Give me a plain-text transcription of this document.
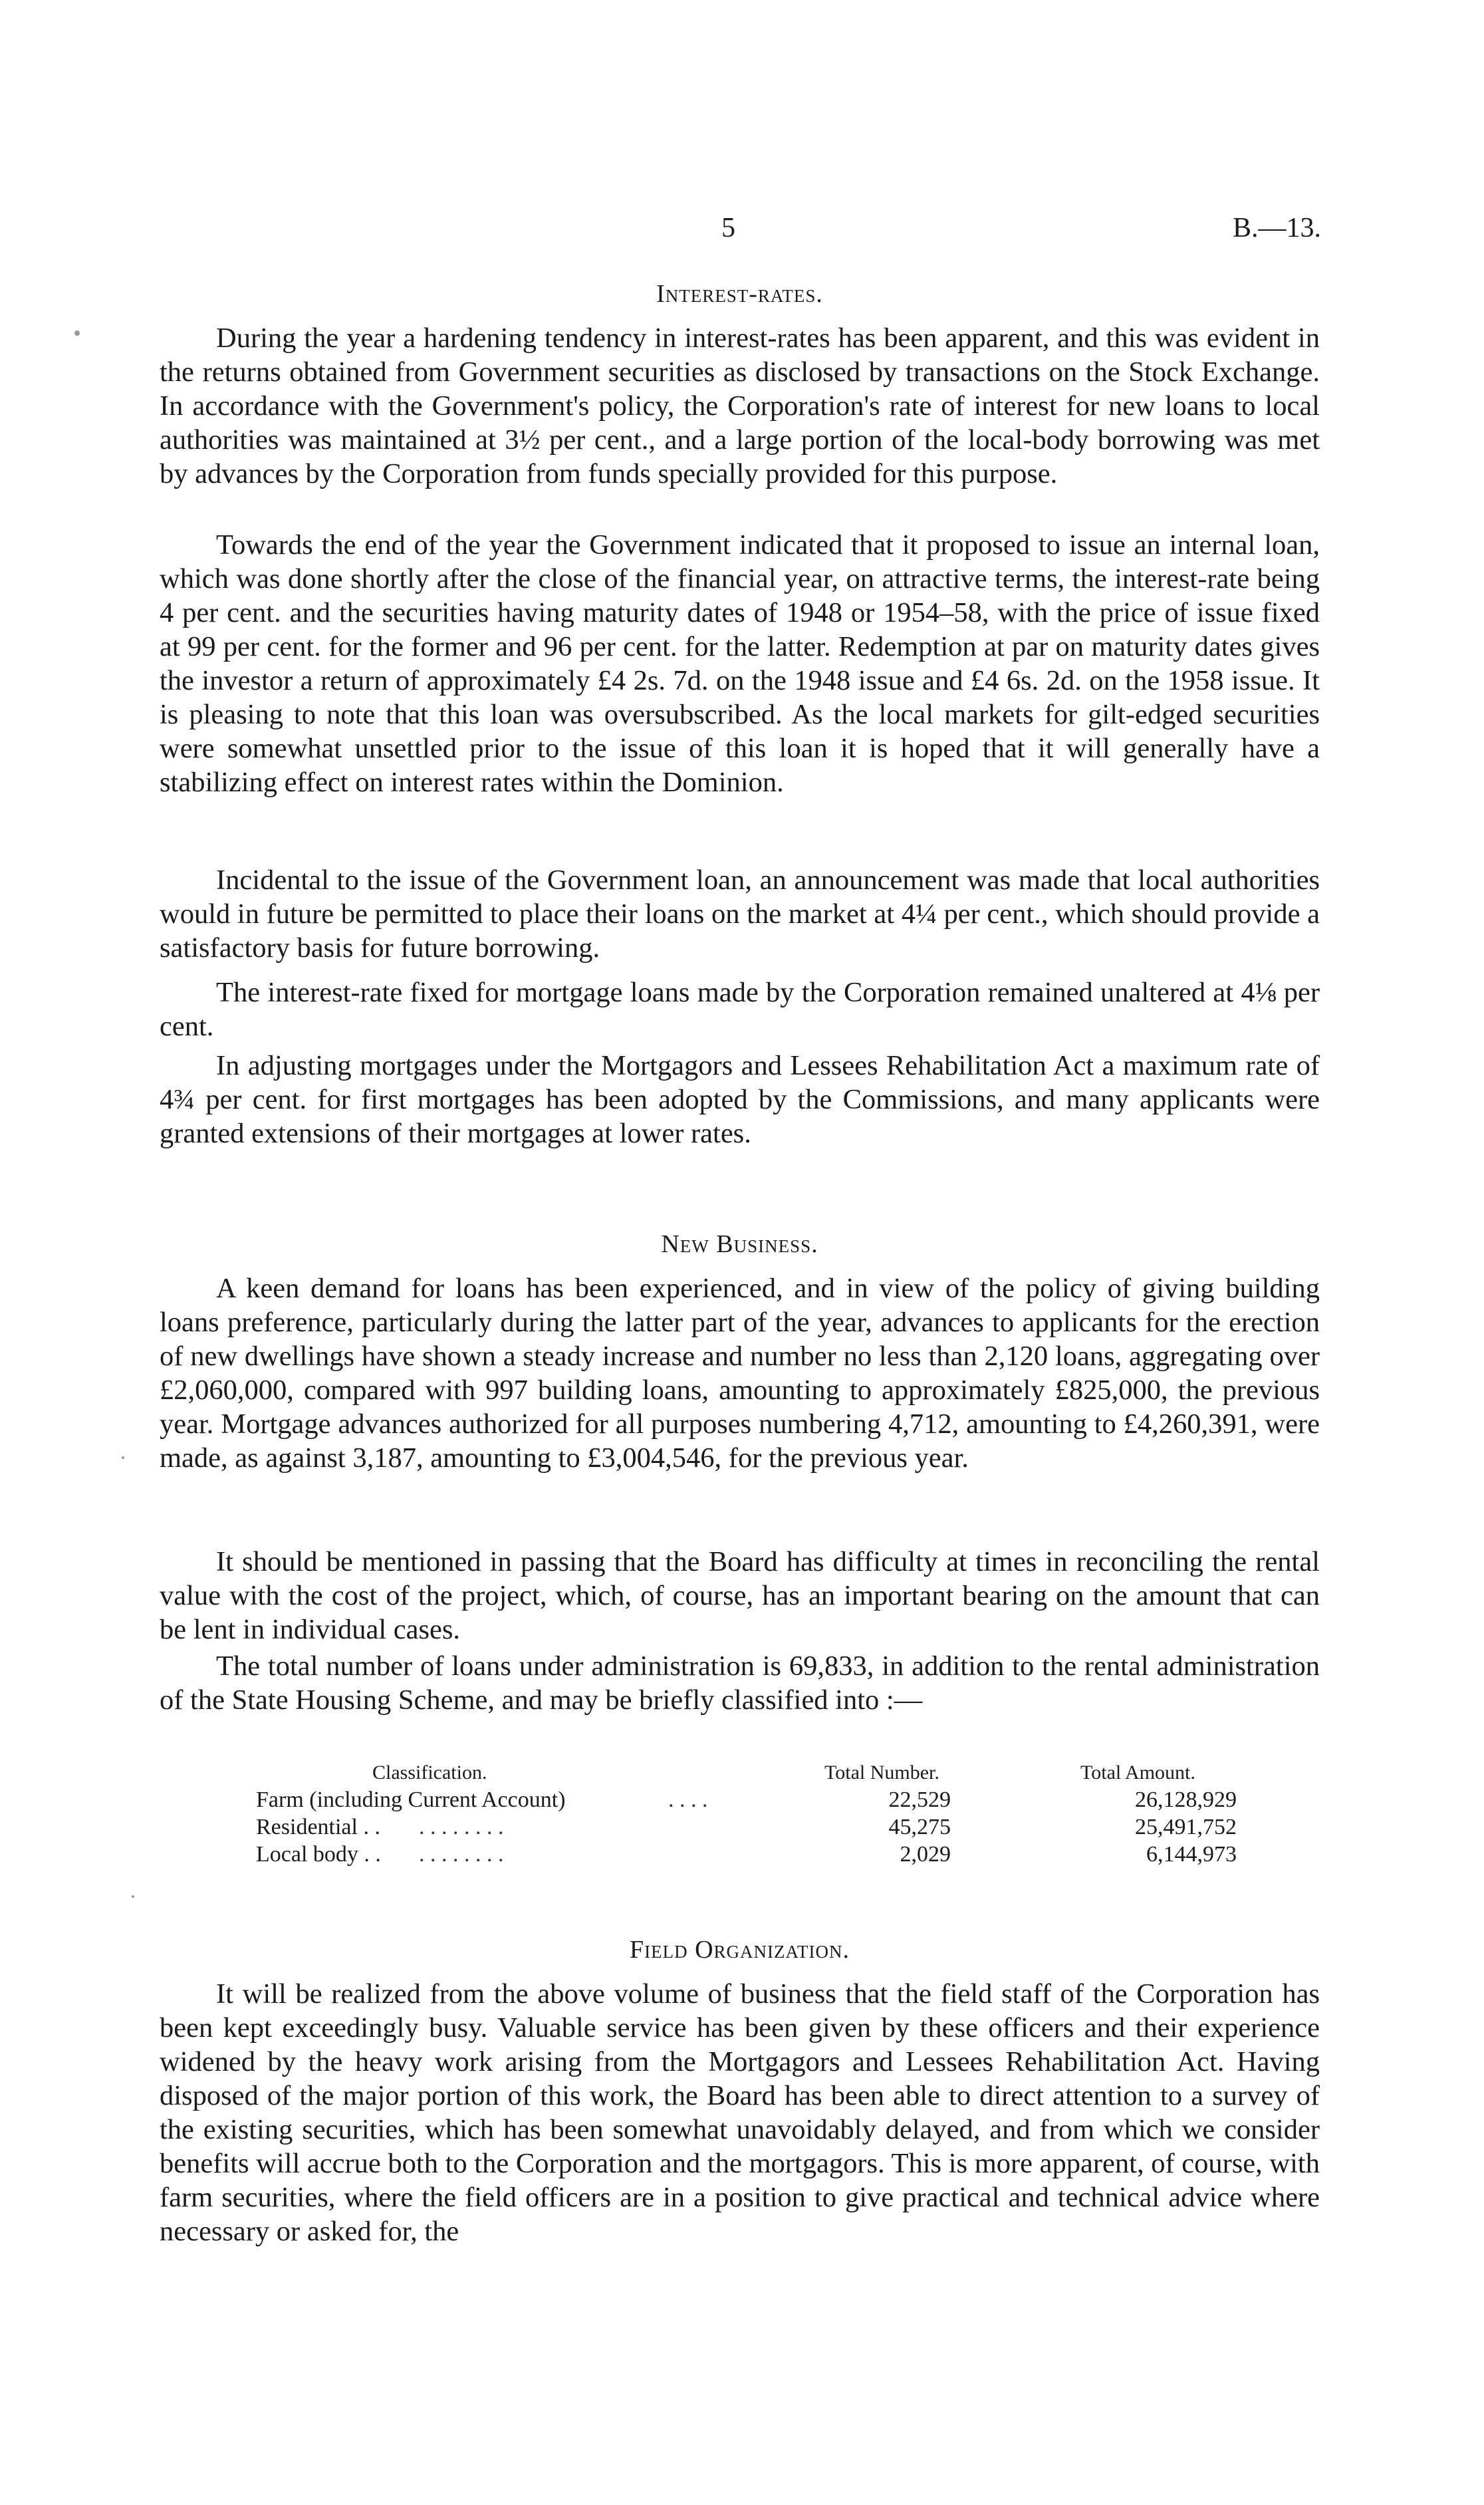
5	B.—13.
Interest-rates.

During the year a hardening tendency in interest-rates has been apparent, and this was evident in the returns obtained from Government securities as disclosed by transactions on the Stock Exchange. In accordance with the Government's policy, the Corporation's rate of interest for new loans to local authorities was maintained at 3½ per cent., and a large portion of the local-body borrowing was met by advances by the Corporation from funds specially provided for this purpose.

Towards the end of the year the Government indicated that it proposed to issue an internal loan, which was done shortly after the close of the financial year, on attractive terms, the interest-rate being 4 per cent. and the securities having maturity dates of 1948 or 1954–58, with the price of issue fixed at 99 per cent. for the former and 96 per cent. for the latter. Redemption at par on maturity dates gives the investor a return of approximately £4 2s. 7d. on the 1948 issue and £4 6s. 2d. on the 1958 issue. It is pleasing to note that this loan was oversubscribed. As the local markets for gilt-edged securities were somewhat unsettled prior to the issue of this loan it is hoped that it will generally have a stabilizing effect on interest rates within the Dominion.

Incidental to the issue of the Government loan, an announcement was made that local authorities would in future be permitted to place their loans on the market at 4¼ per cent., which should provide a satisfactory basis for future borrowing.

The interest-rate fixed for mortgage loans made by the Corporation remained unaltered at 4⅛ per cent.

In adjusting mortgages under the Mortgagors and Lessees Rehabilitation Act a maximum rate of 4¾ per cent. for first mortgages has been adopted by the Commissions, and many applicants were granted extensions of their mortgages at lower rates.

New Business.

A keen demand for loans has been experienced, and in view of the policy of giving building loans preference, particularly during the latter part of the year, advances to applicants for the erection of new dwellings have shown a steady increase and number no less than 2,120 loans, aggregating over £2,060,000, compared with 997 building loans, amounting to approximately £825,000, the previous year. Mortgage advances authorized for all purposes numbering 4,712, amounting to £4,260,391, were made, as against 3,187, amounting to £3,004,546, for the previous year.

It should be mentioned in passing that the Board has difficulty at times in reconciling the rental value with the cost of the project, which, of course, has an important bearing on the amount that can be lent in individual cases.

The total number of loans under administration is 69,833, in addition to the rental administration of the State Housing Scheme, and may be briefly classified into :—

Classification.	Total Number.	Total Amount.
Farm (including Current Account)	. . . .	22,529	26,128,929
Residential . . . . . . . . . .	45,275	25,491,752
Local body . . . . . . . . . .	2,029	6,144,973
Field Organization.

It will be realized from the above volume of business that the field staff of the Corporation has been kept exceedingly busy. Valuable service has been given by these officers and their experience widened by the heavy work arising from the Mortgagors and Lessees Rehabilitation Act. Having disposed of the major portion of this work, the Board has been able to direct attention to a survey of the existing securities, which has been somewhat unavoidably delayed, and from which we consider benefits will accrue both to the Corporation and the mortgagors. This is more apparent, of course, with farm securities, where the field officers are in a position to give practical and technical advice where necessary or asked for, the
